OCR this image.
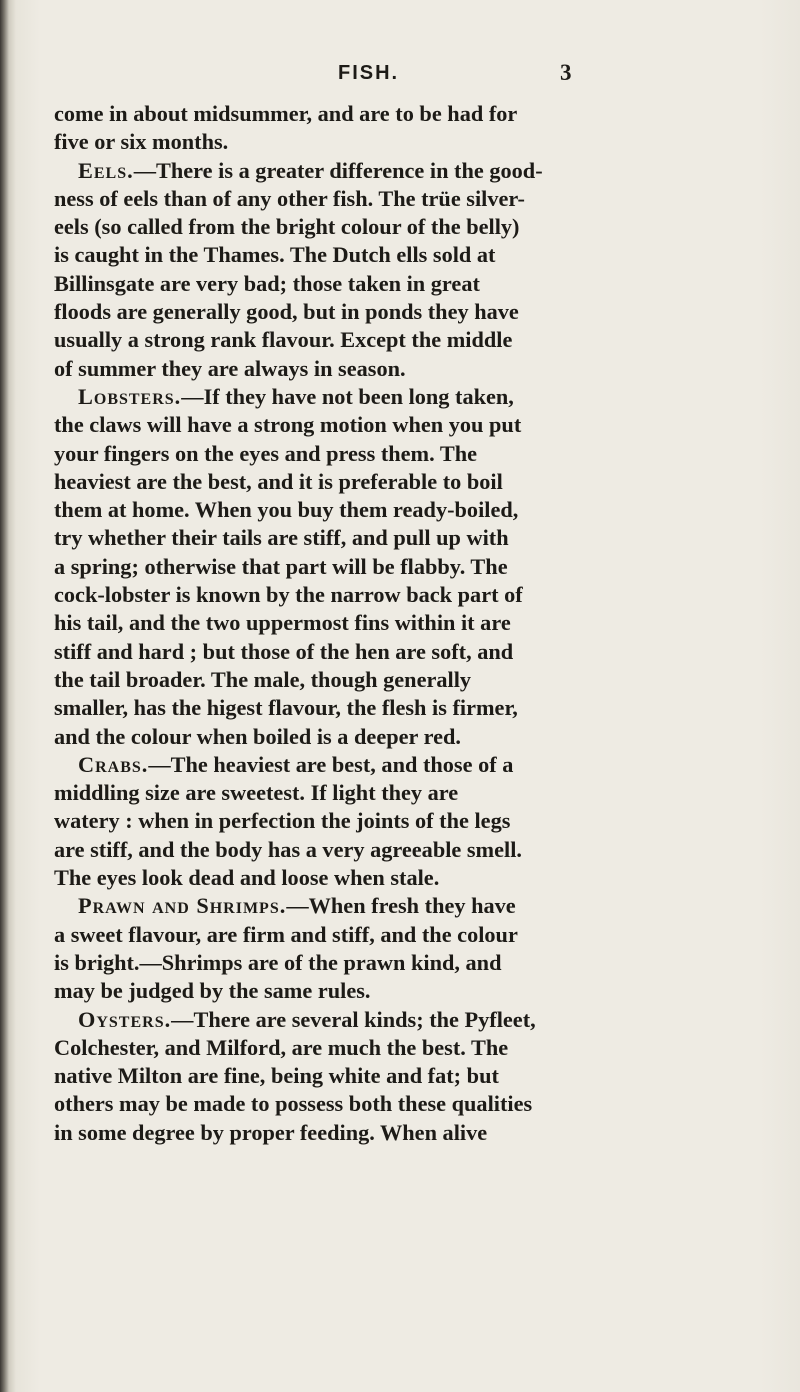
FISH.	3
come in about midsummer, and are to be had for
five or six months.
Eels.—There is a greater difference in the good-
ness of eels than of any other fish. The trüe silver-
eels (so called from the bright colour of the belly)
is caught in the Thames. The Dutch ells sold at
Billinsgate are very bad; those taken in great
floods are generally good, but in ponds they have
usually a strong rank flavour. Except the middle
of summer they are always in season.
Lobsters.—If they have not been long taken,
the claws will have a strong motion when you put
your fingers on the eyes and press them. The
heaviest are the best, and it is preferable to boil
them at home. When you buy them ready-boiled,
try whether their tails are stiff, and pull up with
a spring; otherwise that part will be flabby. The
cock-lobster is known by the narrow back part of
his tail, and the two uppermost fins within it are
stiff and hard ; but those of the hen are soft, and
the tail broader. The male, though generally
smaller, has the higest flavour, the flesh is firmer,
and the colour when boiled is a deeper red.
Crabs.—The heaviest are best, and those of a
middling size are sweetest. If light they are
watery : when in perfection the joints of the legs
are stiff, and the body has a very agreeable smell.
The eyes look dead and loose when stale.
Prawn and Shrimps.—When fresh they have
a sweet flavour, are firm and stiff, and the colour
is bright.—Shrimps are of the prawn kind, and
may be judged by the same rules.
Oysters.—There are several kinds; the Pyfleet,
Colchester, and Milford, are much the best. The
native Milton are fine, being white and fat; but
others may be made to possess both these qualities
in some degree by proper feeding. When alive
